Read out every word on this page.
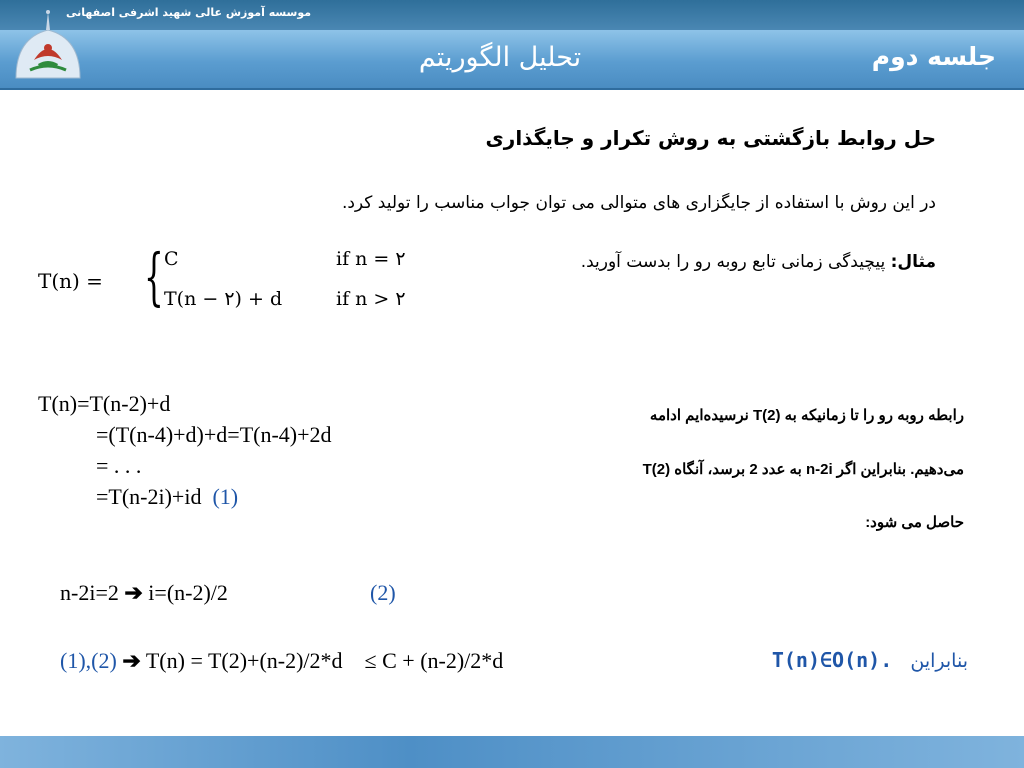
موسسه آموزش عالی شهید اشرفی اصفهانی
تحلیل الگوریتم	جلسه دوم
حل روابط بازگشتی به روش تکرار و جایگذاری
در این روش با استفاده از جایگزاری های متوالی می توان جواب مناسب را تولید کرد.
مثال: پیچیدگی زمانی تابع روبه رو را بدست آورید.
T(n) = { C	if n = ۲
T(n − ۲) + d	if n > ۲
T(n)=T(n-2)+d
=(T(n-4)+d)+d=T(n-4)+2d
= . . .
=T(n-2i)+id (1)
رابطه روبه رو را تا زمانیکه به T(2) نرسیده‌ایم ادامه
می‌دهیم. بنابراین اگر n-2i به عدد 2 برسد، آنگاه T(2)
حاصل می شود:
n-2i=2 ➔ i=(n-2)/2	(2)
(1),(2) ➔ T(n) = T(2)+(n-2)/2*d    ≤ C + (n-2)/2*d	بنابراین   T(n)∈O(n).
